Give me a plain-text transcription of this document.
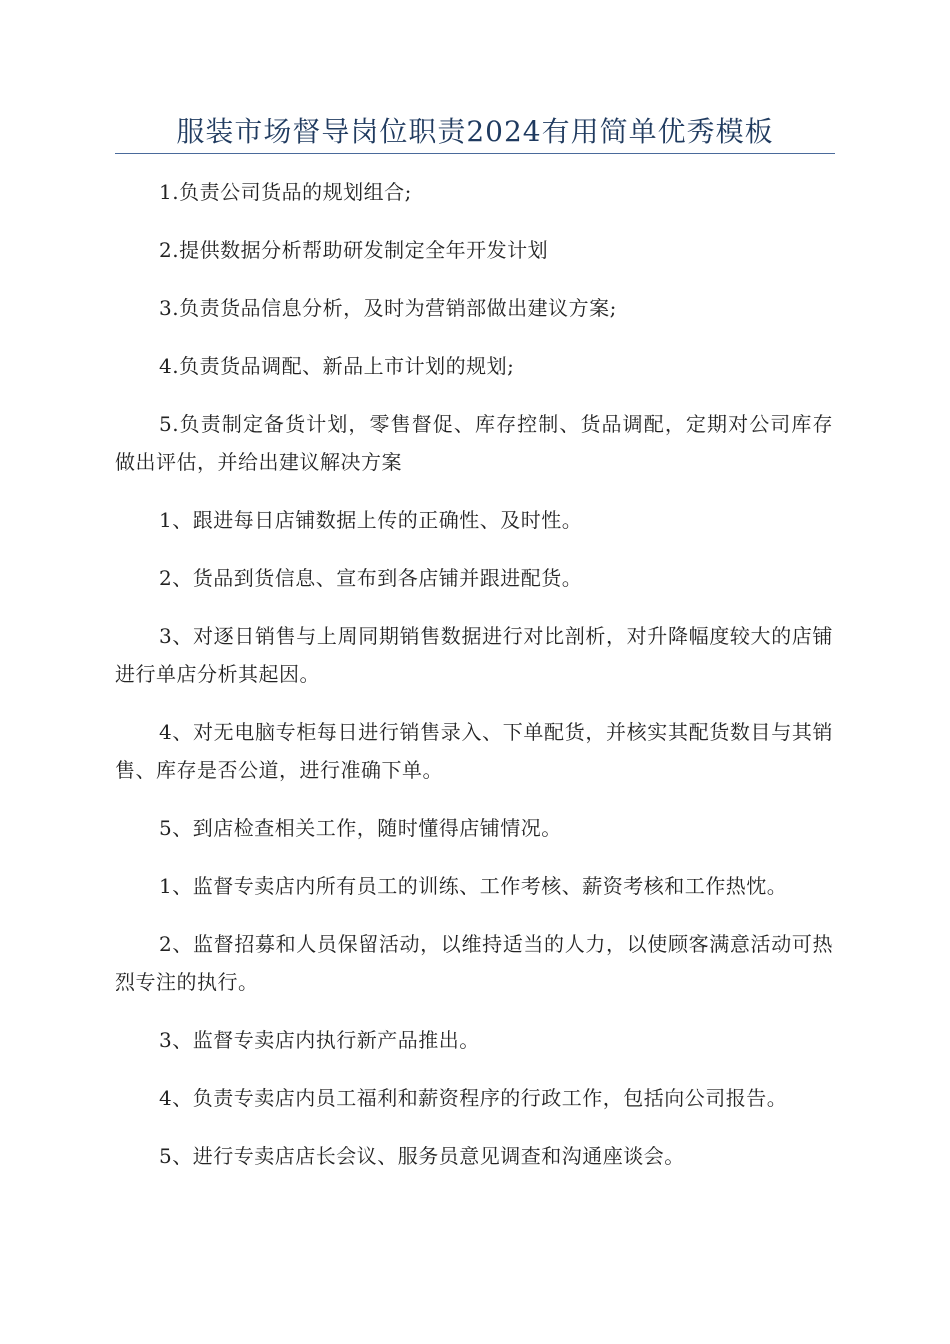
服装市场督导岗位职责2024有用简单优秀模板

1.负责公司货品的规划组合;

2.提供数据分析帮助研发制定全年开发计划

3.负责货品信息分析，及时为营销部做出建议方案;

4.负责货品调配、新品上市计划的规划;

5.负责制定备货计划，零售督促、库存控制、货品调配，定期对公司库存做出评估，并给出建议解决方案

1、跟进每日店铺数据上传的正确性、及时性。

2、货品到货信息、宣布到各店铺并跟进配货。

3、对逐日销售与上周同期销售数据进行对比剖析，对升降幅度较大的店铺进行单店分析其起因。

4、对无电脑专柜每日进行销售录入、下单配货，并核实其配货数目与其销售、库存是否公道，进行准确下单。

5、到店检查相关工作，随时懂得店铺情况。

1、监督专卖店内所有员工的训练、工作考核、薪资考核和工作热忱。

2、监督招募和人员保留活动，以维持适当的人力，以使顾客满意活动可热烈专注的执行。

3、监督专卖店内执行新产品推出。

4、负责专卖店内员工福利和薪资程序的行政工作，包括向公司报告。

5、进行专卖店店长会议、服务员意见调查和沟通座谈会。
